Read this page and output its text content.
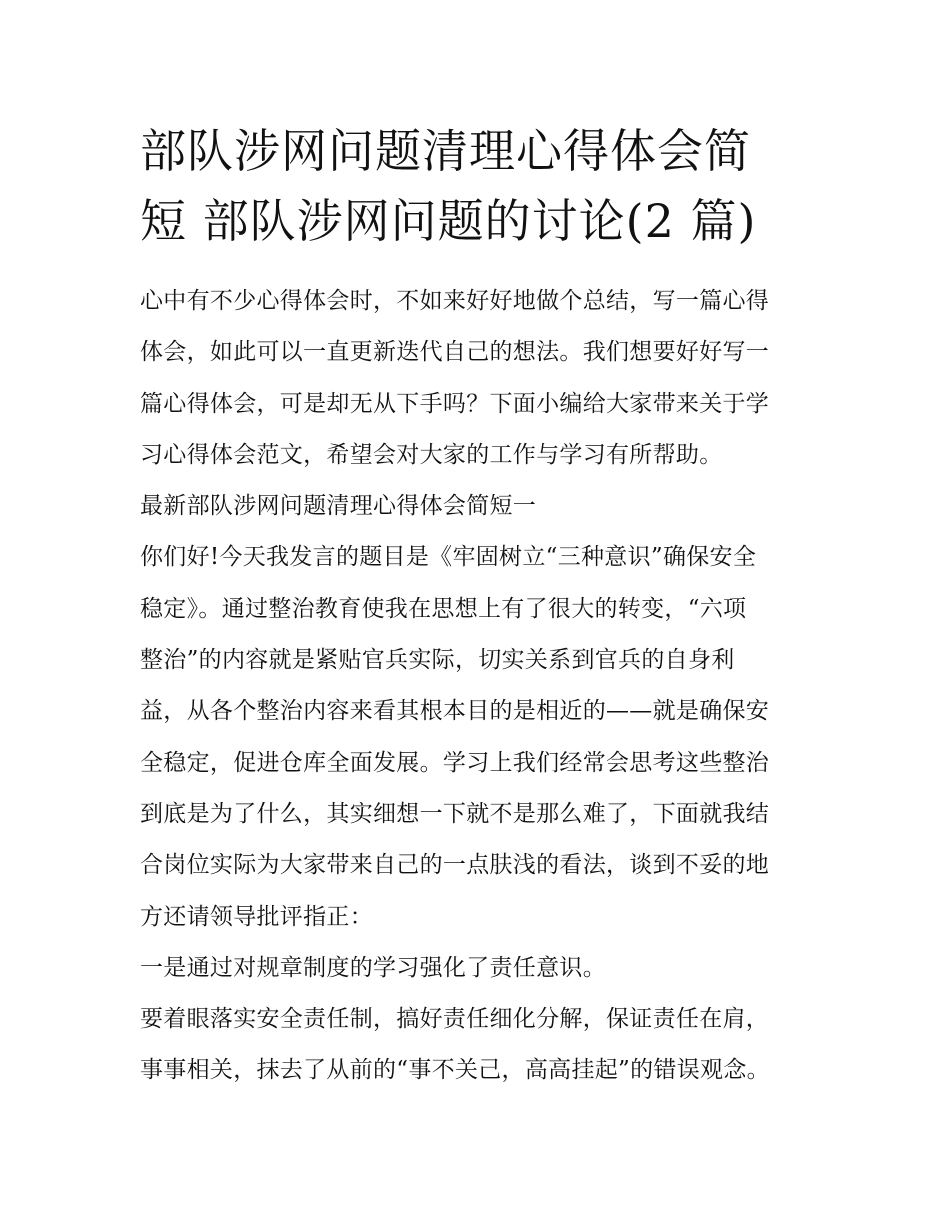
部队涉网问题清理心得体会简
短 部队涉网问题的讨论(2 篇)
心中有不少心得体会时，不如来好好地做个总结，写一篇心得
体会，如此可以一直更新迭代自己的想法。我们想要好好写一
篇心得体会，可是却无从下手吗？下面小编给大家带来关于学
习心得体会范文，希望会对大家的工作与学习有所帮助。
最新部队涉网问题清理心得体会简短一
你们好!今天我发言的题目是《牢固树立“三种意识”确保安全
稳定》。通过整治教育使我在思想上有了很大的转变，“六项
整治”的内容就是紧贴官兵实际，切实关系到官兵的自身利
益，从各个整治内容来看其根本目的是相近的——就是确保安
全稳定，促进仓库全面发展。学习上我们经常会思考这些整治
到底是为了什么，其实细想一下就不是那么难了，下面就我结
合岗位实际为大家带来自己的一点肤浅的看法，谈到不妥的地
方还请领导批评指正：
一是通过对规章制度的学习强化了责任意识。
要着眼落实安全责任制，搞好责任细化分解，保证责任在肩，
事事相关，抹去了从前的“事不关己，高高挂起”的错误观念。
